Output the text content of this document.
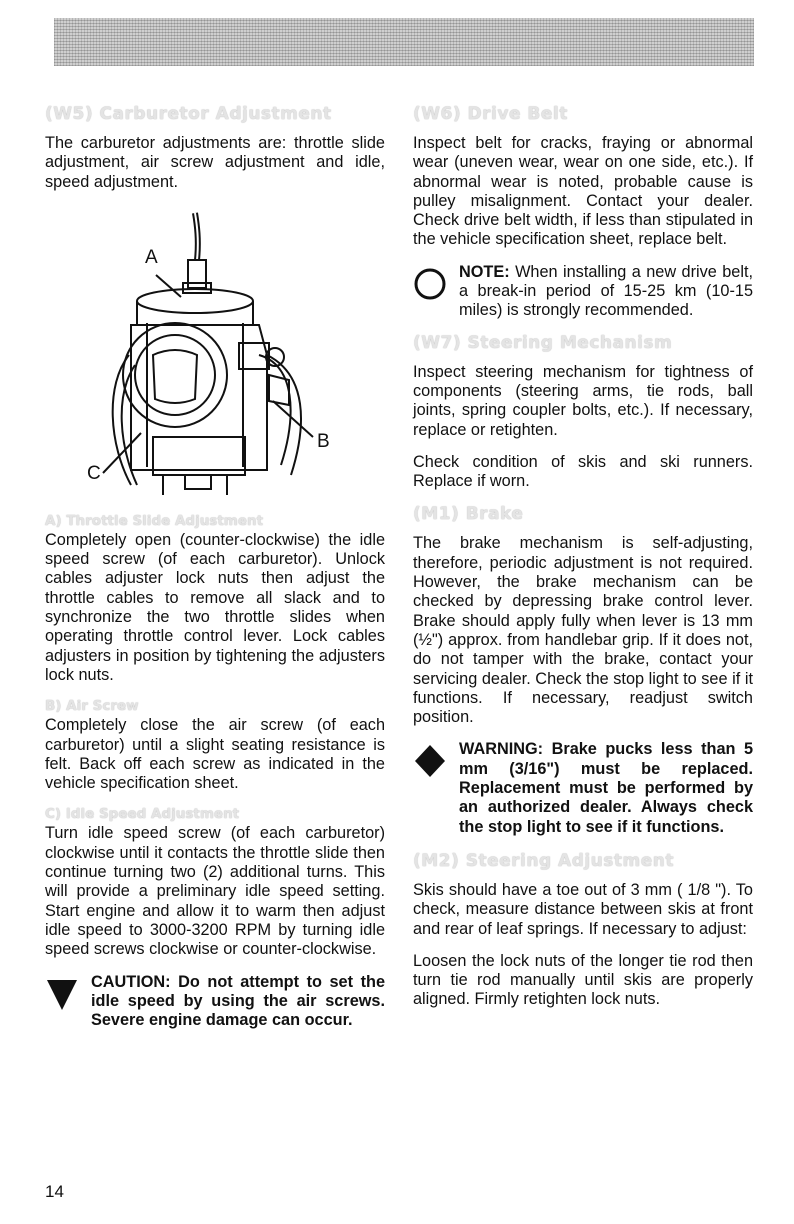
(W5) Carburetor Adjustment

The carburetor adjustments are: throttle slide adjustment, air screw adjustment and idle, speed adjustment.

A
B
C
A) Throttle Slide Adjustment

Completely open (counter-clockwise) the idle speed screw (of each carburetor). Unlock cables adjuster lock nuts then adjust the throttle cables to remove all slack and to synchronize the two throttle slides when operating throttle control lever. Lock cables adjusters in position by tightening the adjusters lock nuts.

B) Air Screw

Completely close the air screw (of each carburetor) until a slight seating resistance is felt. Back off each screw as indicated in the vehicle specification sheet.

C) Idle Speed Adjustment

Turn idle speed screw (of each carburetor) clockwise until it contacts the throttle slide then continue turning two (2) additional turns. This will provide a preliminary idle speed setting. Start engine and allow it to warm then adjust idle speed to 3000-3200 RPM by turning idle speed screws clockwise or counter-clockwise.

CAUTION: Do not attempt to set the idle speed by using the air screws. Severe engine damage can occur.

(W6) Drive Belt

Inspect belt for cracks, fraying or abnormal wear (uneven wear, wear on one side, etc.). If abnormal wear is noted, probable cause is pulley misalignment. Contact your dealer. Check drive belt width, if less than stipulated in the vehicle specification sheet, replace belt.

NOTE: When installing a new drive belt, a break-in period of 15-25 km (10-15 miles) is strongly recommended.

(W7) Steering Mechanism

Inspect steering mechanism for tightness of components (steering arms, tie rods, ball joints, spring coupler bolts, etc.). If necessary, replace or retighten.

Check condition of skis and ski runners. Replace if worn.

(M1) Brake

The brake mechanism is self-adjusting, therefore, periodic adjustment is not required. However, the brake mechanism can be checked by depressing brake control lever. Brake should apply fully when lever is 13 mm (½") approx. from handlebar grip. If it does not, do not tamper with the brake, contact your servicing dealer. Check the stop light to see if it functions. If necessary, readjust switch position.

WARNING: Brake pucks less than 5 mm (3/16") must be replaced. Replacement must be performed by an authorized dealer. Always check the stop light to see if it functions.

(M2) Steering Adjustment

Skis should have a toe out of 3 mm ( 1/8 "). To check, measure distance between skis at front and rear of leaf springs. If necessary to adjust:

Loosen the lock nuts of the longer tie rod then turn tie rod manually until skis are properly aligned. Firmly retighten lock nuts.

14
